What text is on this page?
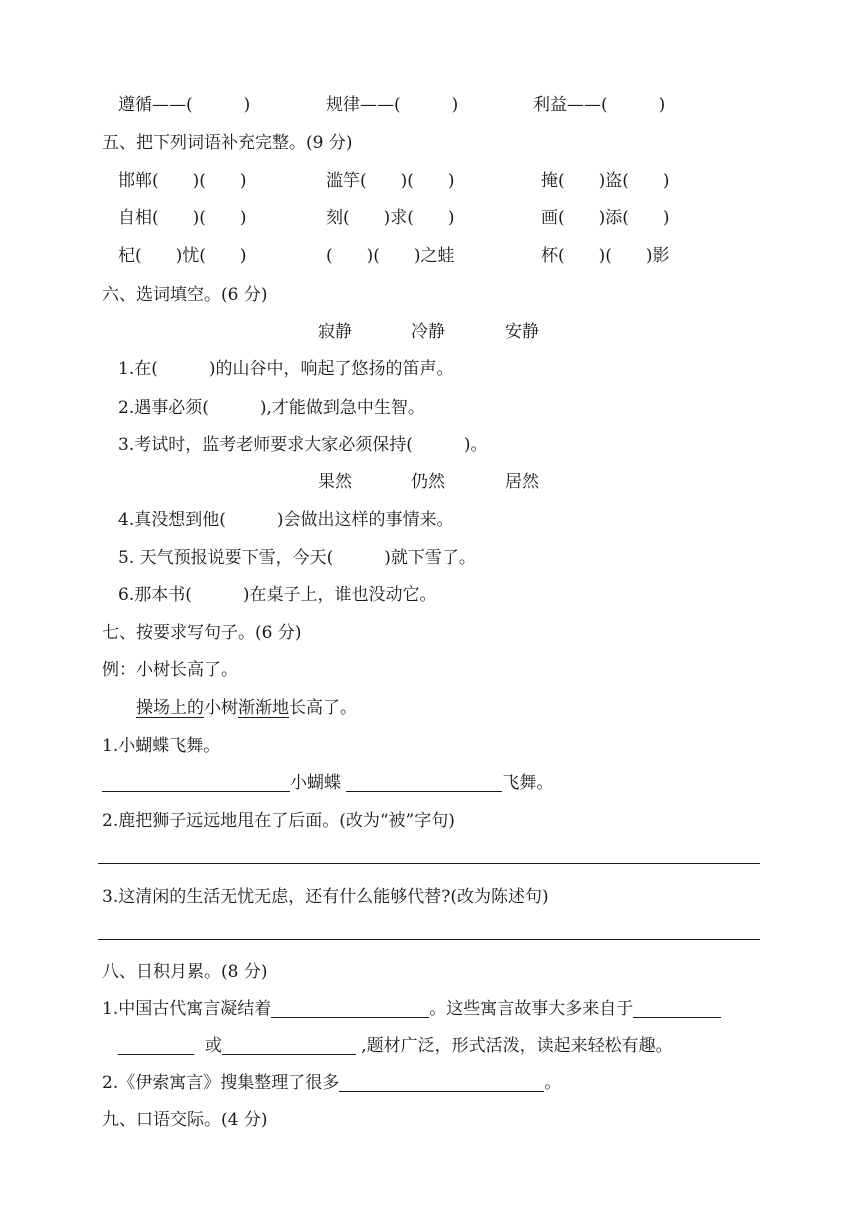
遵循——(　　　)	规律——(　　　)	利益——(　　　)
五、把下列词语补充完整。(9 分)
邯郸(　　)(　　)	滥竽(　　)(　　)	掩(　　)盗(　　)
自相(　　)(　　)	刻(　　)求(　　)	画(　　)添(　　)
杞(　　)忧(　　)	(　　)(　　)之蛙	杯(　　)(　　)影
六、选词填空。(6 分)
寂静	冷静	安静
1.在(　　　)的山谷中，响起了悠扬的笛声。
2.遇事必须(　　　),才能做到急中生智。
3.考试时，监考老师要求大家必须保持(　　　)。
果然	仍然	居然
4.真没想到他(　　　)会做出这样的事情来。
5. 天气预报说要下雪，今天(　　　)就下雪了。
6.那本书(　　　)在桌子上，谁也没动它。
七、按要求写句子。(6 分)
例：小树长高了。
操场上的小树渐渐地长高了。
1.小蝴蝶飞舞。
小蝴蝶	飞舞。
2.鹿把狮子远远地甩在了后面。(改为“被”字句)
3.这清闲的生活无忧无虑，还有什么能够代替?(改为陈述句)
八、日积月累。(8 分)
1.中国古代寓言凝结着	。这些寓言故事大多来自于
或	,题材广泛，形式活泼，读起来轻松有趣。
2.《伊索寓言》搜集整理了很多	。
九、口语交际。(4 分)
